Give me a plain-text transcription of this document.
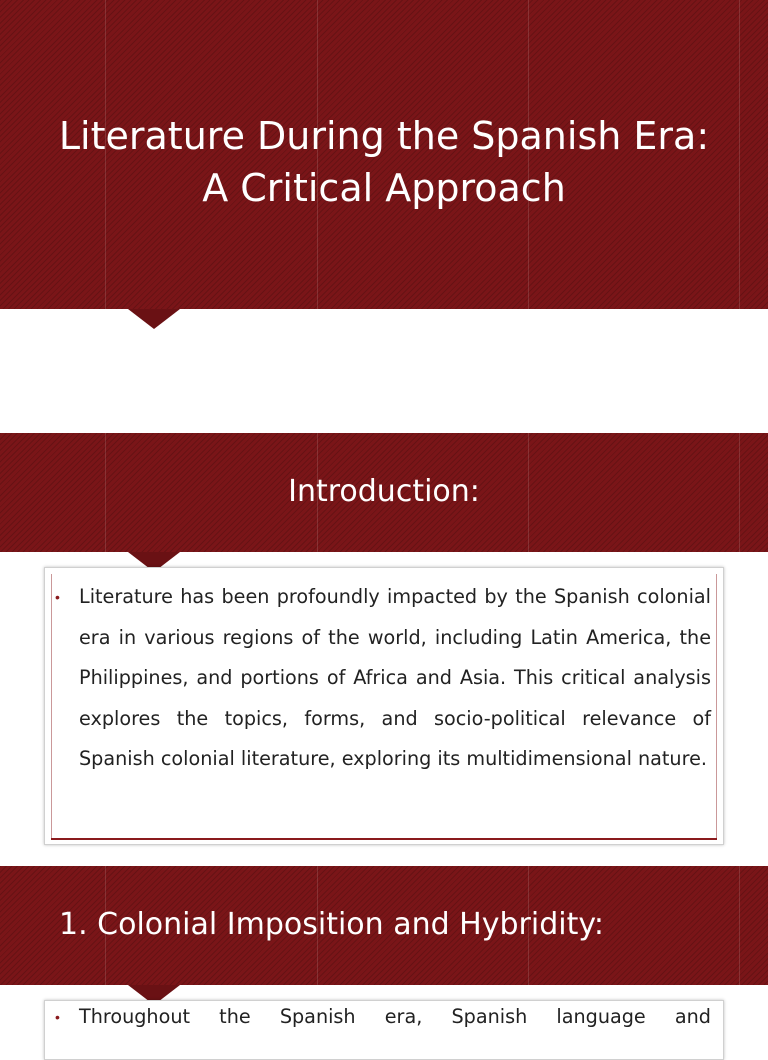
Literature During the Spanish Era: A Critical Approach
Introduction:
• Literature has been profoundly impacted by the Spanish colonial era in various regions of the world, including Latin America, the Philippines, and portions of Africa and Asia. This critical analysis explores the topics, forms, and socio-political relevance of Spanish colonial literature, exploring its multidimensional nature.

1. Colonial Imposition and Hybridity:
• Throughout the Spanish era, Spanish language and
